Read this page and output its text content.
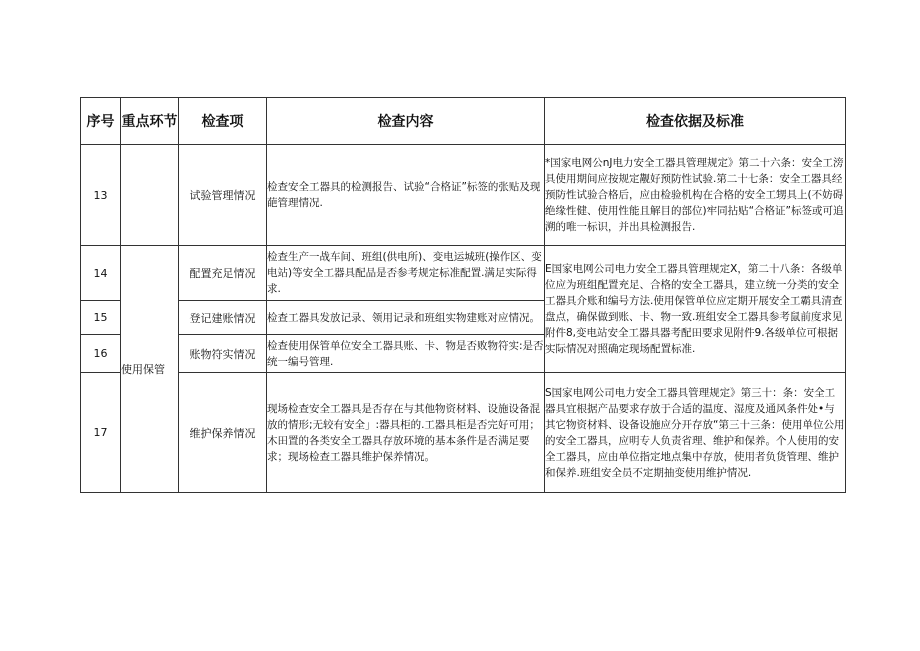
序号	重点环节	检查项	检查内容	检查依据及标准
13		试验管理情况	检查安全工器具的检测报告、试验“合格证”标签的张贴及现葩管理情况.	*国家电网公nJ电力安全工器具管理规定》第二十六条：安全工滂具使用期间应按规定觏好预防性试验.第二十七条：安全工器具经预防性试验合格后，应由检验机构在合格的安全工甥具上(不妨碍绝缘性健、使用性能且解目的部位)牢同拈贴“合格证”标签或可追溯的唯一标识，并出具检测报告.
14	使用保管	配置充足情况	检查生产一战车间、班组(供电所)、变电运城班(操作区、变电站)等安全工器具配品是否参考规定标准配置.满足实际得求.	E国家电网公司电力安全工器具管理规定X，第二十八条：各级单位应为班组配置充足、合格的安全工器具，建立统一分类的安全工器具介账和编号方法.使用保管单位应定期开展安全工霸具清查盘点，确保做到账、卡、物一致.班组安全工器具参考鼠前度求见附件8,变电站安全工器具器考配田要求见附件9.各级单位可根据实际情况对照确定现场配置标准.
15		登记建账情况	检查工器具发放记录、领用记录和班组实物建账对应情况。	
16		账物符实情况	检查使用保管单位安全工器具账、卡、物是否败物符实:是否统一编号管理.	
17		维护保养情况	现场检查安全工器具是否存在与其他物资材料、设施设备混放的情形;无较有安全」:器具柜的.工器具柜是否完好可用；木田置的各类安全工器具存放环境的基本条件是否满足要求；现场检查工器具维护保养情况。	S国家电网公司电力安全工器具管理规定》第三十：条：安全工器具宜根据产品要求存放于合适的温度、湿度及通风条件处•与其它物资材料、设备设施应分开存放“第三十三条：使用单位公用的安全工器具，应明专人负责省理、维护和保养。个人使用的安全工器具，应由单位指定地点集中存放，使用者负货管理、维护和保养.班组安全员不定期抽变使用维护情况.
